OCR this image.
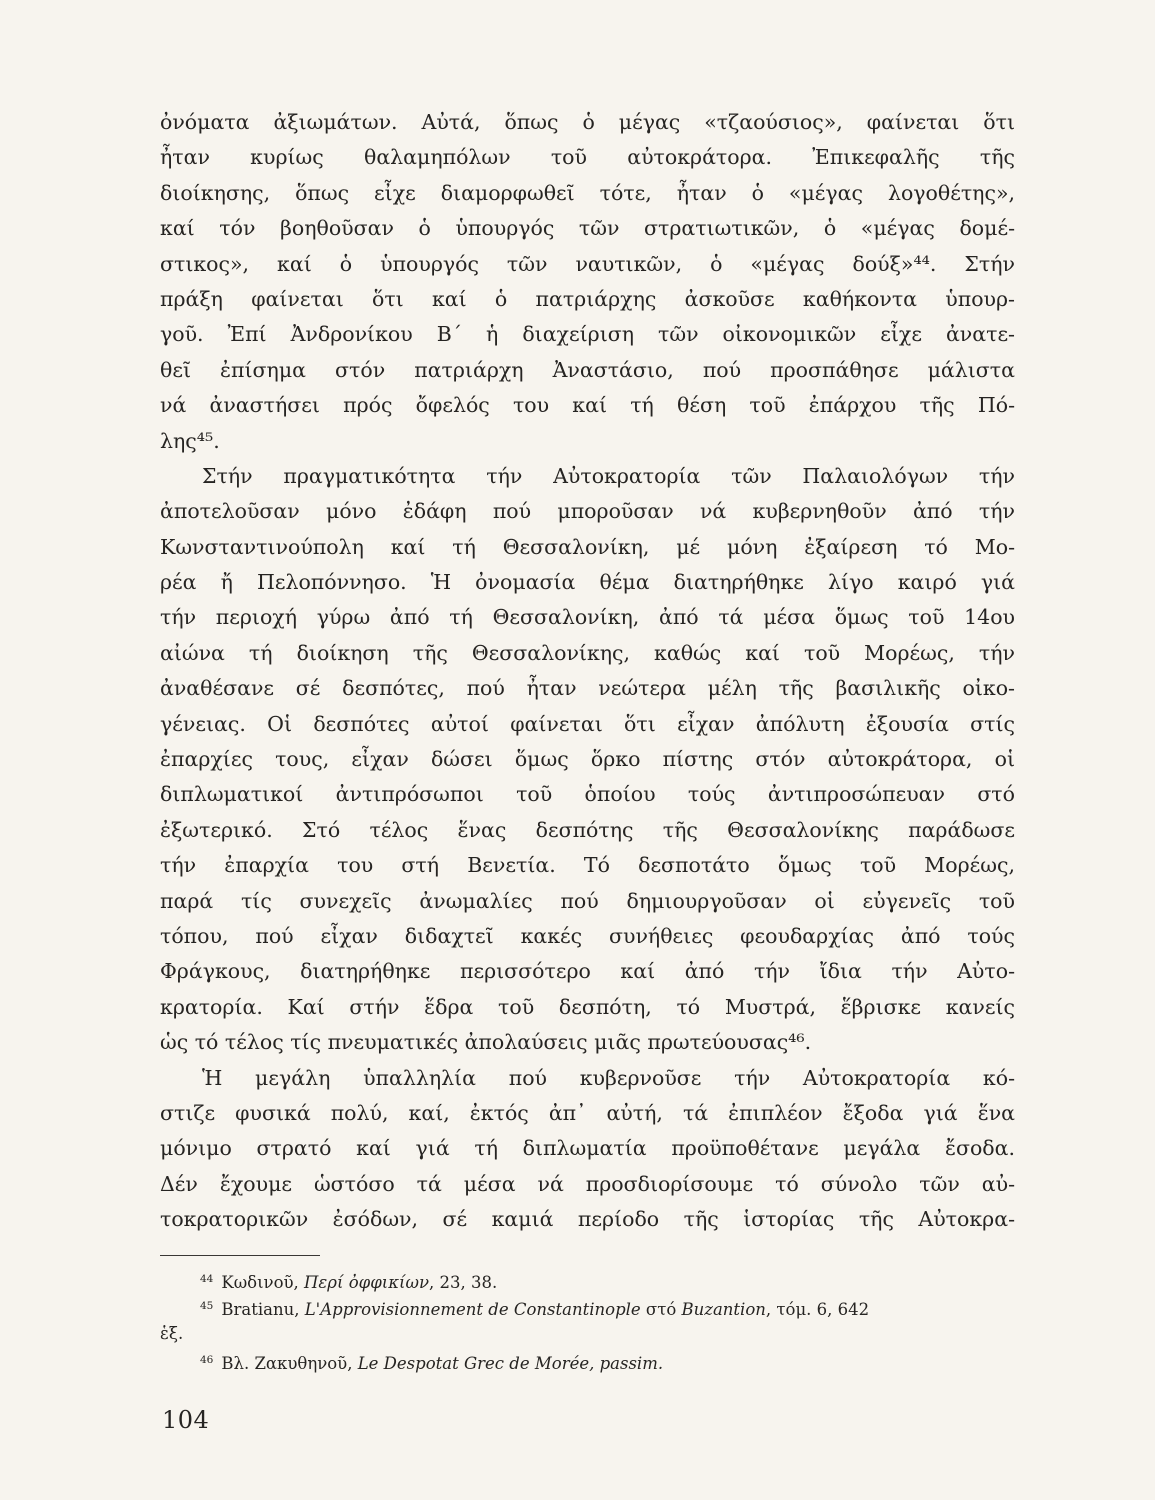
ὀνόματα ἀξιωμάτων. Αὐτά, ὅπως ὁ μέγας «τζαούσιος», φαίνεται ὅτι
ἦταν κυρίως θαλαμηπόλων τοῦ αὐτοκράτορα. Ἐπικεφαλῆς τῆς
διοίκησης, ὅπως εἶχε διαμορφωθεῖ τότε, ἦταν ὁ «μέγας λογοθέτης»,
καί τόν βοηθοῦσαν ὁ ὑπουργός τῶν στρατιωτικῶν, ὁ «μέγας δομέ-
στικος», καί ὁ ὑπουργός τῶν ναυτικῶν, ὁ «μέγας δούξ»⁴⁴. Στήν
πράξη φαίνεται ὅτι καί ὁ πατριάρχης ἀσκοῦσε καθήκοντα ὑπουρ-
γοῦ. Ἐπί Ἀνδρονίκου Β΄ ἡ διαχείριση τῶν οἰκονομικῶν εἶχε ἀνατε-
θεῖ ἐπίσημα στόν πατριάρχη Ἀναστάσιο, πού προσπάθησε μάλιστα
νά ἀναστήσει πρός ὄφελός του καί τή θέση τοῦ ἐπάρχου τῆς Πό-
λης⁴⁵.
Στήν πραγματικότητα τήν Αὐτοκρατορία τῶν Παλαιολόγων τήν
ἀποτελοῦσαν μόνο ἐδάφη πού μποροῦσαν νά κυβερνηθοῦν ἀπό τήν
Κωνσταντινούπολη καί τή Θεσσαλονίκη, μέ μόνη ἐξαίρεση τό Μο-
ρέα ἤ Πελοπόννησο. Ἡ ὀνομασία θέμα διατηρήθηκε λίγο καιρό γιά
τήν περιοχή γύρω ἀπό τή Θεσσαλονίκη, ἀπό τά μέσα ὅμως τοῦ 14ου
αἰώνα τή διοίκηση τῆς Θεσσαλονίκης, καθώς καί τοῦ Μορέως, τήν
ἀναθέσανε σέ δεσπότες, πού ἦταν νεώτερα μέλη τῆς βασιλικῆς οἰκο-
γένειας. Οἱ δεσπότες αὐτοί φαίνεται ὅτι εἶχαν ἀπόλυτη ἐξουσία στίς
ἐπαρχίες τους, εἶχαν δώσει ὅμως ὅρκο πίστης στόν αὐτοκράτορα, οἱ
διπλωματικοί ἀντιπρόσωποι τοῦ ὁποίου τούς ἀντιπροσώπευαν στό
ἐξωτερικό. Στό τέλος ἕνας δεσπότης τῆς Θεσσαλονίκης παράδωσε
τήν ἐπαρχία του στή Βενετία. Τό δεσποτάτο ὅμως τοῦ Μορέως,
παρά τίς συνεχεῖς ἀνωμαλίες πού δημιουργοῦσαν οἱ εὐγενεῖς τοῦ
τόπου, πού εἶχαν διδαχτεῖ κακές συνήθειες φεουδαρχίας ἀπό τούς
Φράγκους, διατηρήθηκε περισσότερο καί ἀπό τήν ἴδια τήν Αὐτο-
κρατορία. Καί στήν ἕδρα τοῦ δεσπότη, τό Μυστρά, ἕβρισκε κανείς
ὡς τό τέλος τίς πνευματικές ἀπολαύσεις μιᾶς πρωτεύουσας⁴⁶.
Ἡ μεγάλη ὑπαλληλία πού κυβερνοῦσε τήν Αὐτοκρατορία κό-
στιζε φυσικά πολύ, καί, ἐκτός ἀπ᾿ αὐτή, τά ἐπιπλέον ἔξοδα γιά ἕνα
μόνιμο στρατό καί γιά τή διπλωματία προϋποθέτανε μεγάλα ἔσοδα.
Δέν ἔχουμε ὡστόσο τά μέσα νά προσδιορίσουμε τό σύνολο τῶν αὐ-
τοκρατορικῶν ἐσόδων, σέ καμιά περίοδο τῆς ἱστορίας τῆς Αὐτοκρα-
$^{44}$ Κωδινοῦ, Περί ὀφφικίων, 23, 38.
$^{45}$ Bratianu, L'Approvisionnement de Constantinople στό Buzantion, τόμ. 6, 642
ἑξ.
$^{46}$ Βλ. Ζακυθηνοῦ, Le Despotat Grec de Morée, passim.
104
